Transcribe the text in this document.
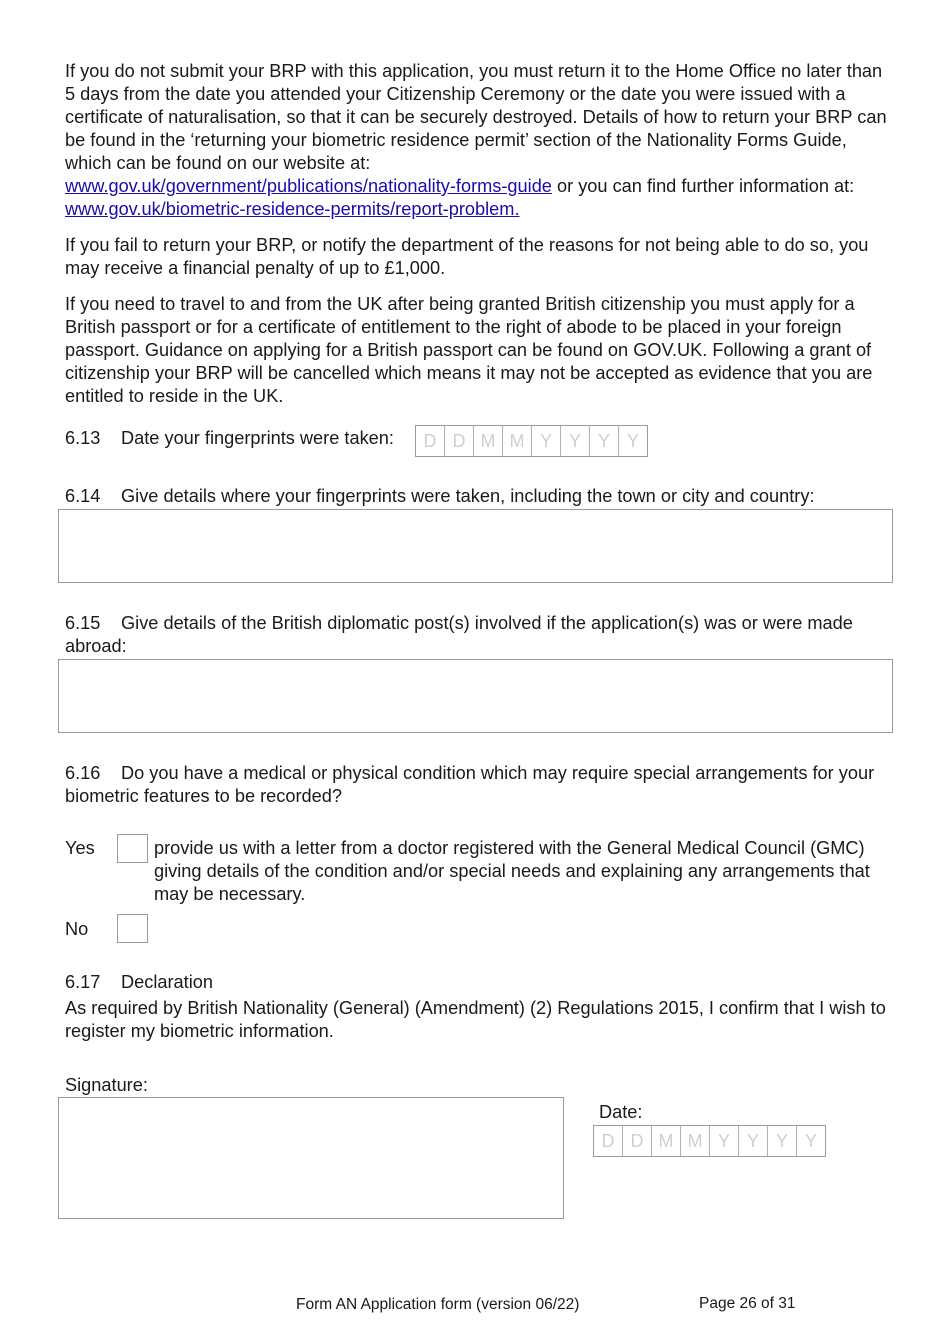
If you do not submit your BRP with this application, you must return it to the Home Office no later than 5 days from the date you attended your Citizenship Ceremony or the date you were issued with a certificate of naturalisation, so that it can be securely destroyed. Details of how to return your BRP can be found in the ‘returning your biometric residence permit’ section of the Nationality Forms Guide, which can be found on our website at:
www.gov.uk/government/publications/nationality-forms-guide or you can find further information at: www.gov.uk/biometric-residence-permits/report-problem.

If you fail to return your BRP, or notify the department of the reasons for not being able to do so, you may receive a financial penalty of up to £1,000.

If you need to travel to and from the UK after being granted British citizenship you must apply for a British passport or for a certificate of entitlement to the right of abode to be placed in your foreign passport. Guidance on applying for a British passport can be found on GOV.UK. Following a grant of citizenship your BRP will be cancelled which means it may not be accepted as evidence that you are entitled to reside in the UK.

6.13 Date your fingerprints were taken:	D D M M Y Y Y Y
6.14 Give details where your fingerprints were taken, including the town or city and country:
6.15 Give details of the British diplomatic post(s) involved if the application(s) was or were made abroad:
6.16 Do you have a medical or physical condition which may require special arrangements for your biometric features to be recorded?
Yes	provide us with a letter from a doctor registered with the General Medical Council (GMC) giving details of the condition and/or special needs and explaining any arrangements that may be necessary.
No
6.17 Declaration

As required by British Nationality (General) (Amendment) (2) Regulations 2015, I confirm that I wish to register my biometric information.

Signature:
Date:
D D M M Y Y Y Y
Form AN Application form (version 06/22)	Page 26 of 31
